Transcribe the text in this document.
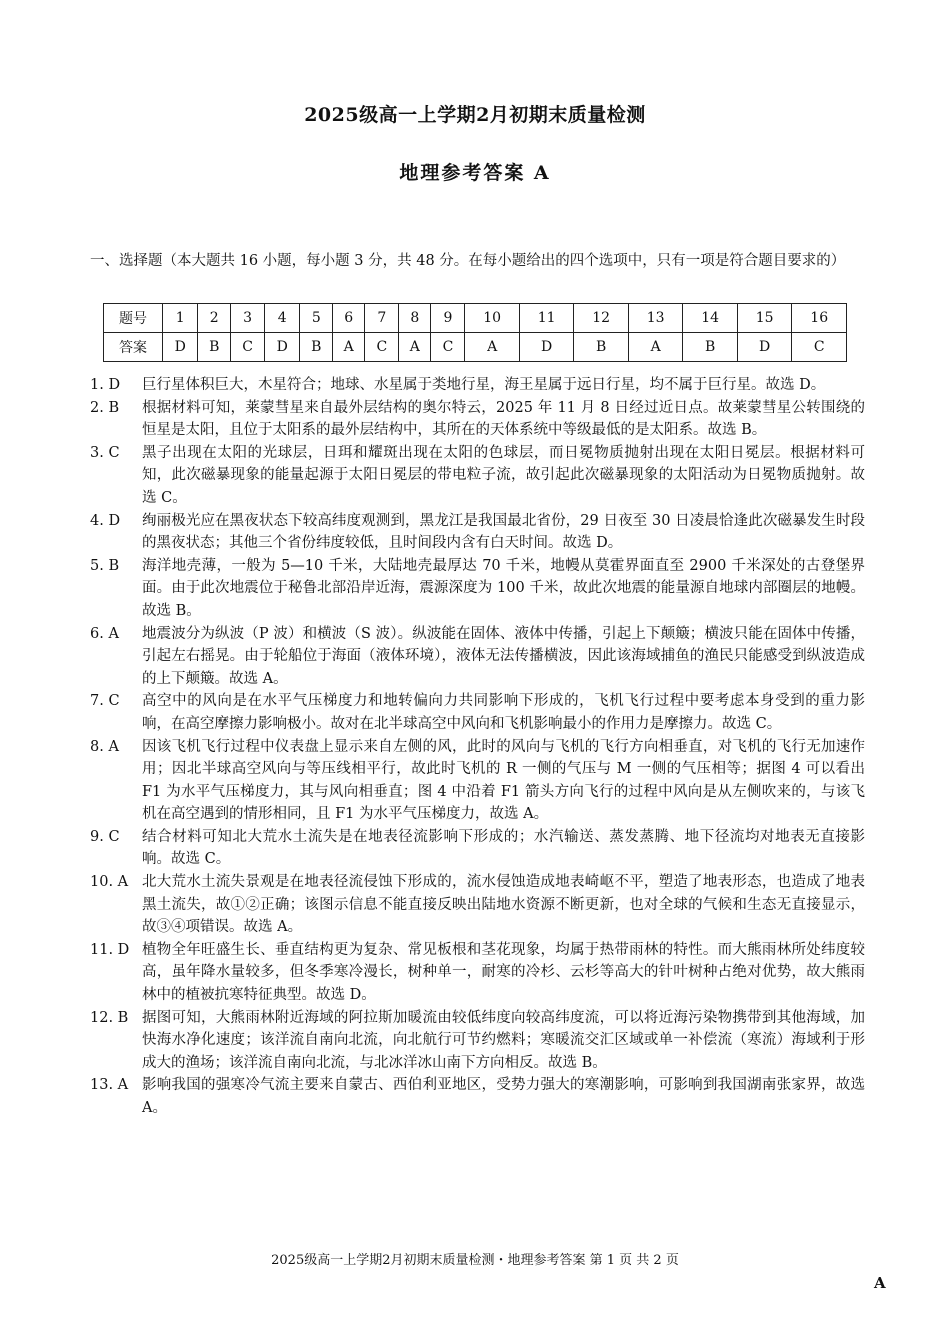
2025级高一上学期2月初期末质量检测
地理参考答案 A
一、选择题（本大题共 16 小题，每小题 3 分，共 48 分。在每小题给出的四个选项中，只有一项是符合题目要求的）
题号	1	2	3	4	5	6	7	8	9	10	11	12	13	14	15	16
答案	D	B	C	D	B	A	C	A	C	A	D	B	A	B	D	C
1. D	巨行星体积巨大，木星符合；地球、水星属于类地行星，海王星属于远日行星，均不属于巨行星。故选 D。
2. B	根据材料可知，莱蒙彗星来自最外层结构的奥尔特云，2025 年 11 月 8 日经过近日点。故莱蒙彗星公转围绕的恒星是太阳，且位于太阳系的最外层结构中，其所在的天体系统中等级最低的是太阳系。故选 B。
3. C	黑子出现在太阳的光球层，日珥和耀斑出现在太阳的色球层，而日冕物质抛射出现在太阳日冕层。根据材料可知，此次磁暴现象的能量起源于太阳日冕层的带电粒子流，故引起此次磁暴现象的太阳活动为日冕物质抛射。故选 C。
4. D	绚丽极光应在黑夜状态下较高纬度观测到，黑龙江是我国最北省份，29 日夜至 30 日凌晨恰逢此次磁暴发生时段的黑夜状态；其他三个省份纬度较低，且时间段内含有白天时间。故选 D。
5. B	海洋地壳薄，一般为 5—10 千米，大陆地壳最厚达 70 千米，地幔从莫霍界面直至 2900 千米深处的古登堡界面。由于此次地震位于秘鲁北部沿岸近海，震源深度为 100 千米，故此次地震的能量源自地球内部圈层的地幔。故选 B。
6. A	地震波分为纵波（P 波）和横波（S 波）。纵波能在固体、液体中传播，引起上下颠簸；横波只能在固体中传播，引起左右摇晃。由于轮船位于海面（液体环境），液体无法传播横波，因此该海域捕鱼的渔民只能感受到纵波造成的上下颠簸。故选 A。
7. C	高空中的风向是在水平气压梯度力和地转偏向力共同影响下形成的，飞机飞行过程中要考虑本身受到的重力影响，在高空摩擦力影响极小。故对在北半球高空中风向和飞机影响最小的作用力是摩擦力。故选 C。
8. A	因该飞机飞行过程中仪表盘上显示来自左侧的风，此时的风向与飞机的飞行方向相垂直，对飞机的飞行无加速作用；因北半球高空风向与等压线相平行，故此时飞机的 R 一侧的气压与 M 一侧的气压相等；据图 4 可以看出 F1 为水平气压梯度力，其与风向相垂直；图 4 中沿着 F1 箭头方向飞行的过程中风向是从左侧吹来的，与该飞机在高空遇到的情形相同，且 F1 为水平气压梯度力，故选 A。
9. C	结合材料可知北大荒水土流失是在地表径流影响下形成的；水汽输送、蒸发蒸腾、地下径流均对地表无直接影响。故选 C。
10. A 北大荒水土流失景观是在地表径流侵蚀下形成的，流水侵蚀造成地表崎岖不平，塑造了地表形态，也造成了地表黑土流失，故①②正确；该图示信息不能直接反映出陆地水资源不断更新，也对全球的气候和生态无直接显示，故③④项错误。故选 A。
11. D 植物全年旺盛生长、垂直结构更为复杂、常见板根和茎花现象，均属于热带雨林的特性。而大熊雨林所处纬度较高，虽年降水量较多，但冬季寒冷漫长，树种单一，耐寒的冷杉、云杉等高大的针叶树种占绝对优势，故大熊雨林中的植被抗寒特征典型。故选 D。
12. B 据图可知，大熊雨林附近海域的阿拉斯加暖流由较低纬度向较高纬度流，可以将近海污染物携带到其他海域，加快海水净化速度；该洋流自南向北流，向北航行可节约燃料；寒暖流交汇区域或单一补偿流（寒流）海域利于形成大的渔场；该洋流自南向北流，与北冰洋冰山南下方向相反。故选 B。
13. A 影响我国的强寒冷气流主要来自蒙古、西伯利亚地区，受势力强大的寒潮影响，可影响到我国湖南张家界，故选 A。
2025级高一上学期2月初期末质量检测・地理参考答案 第 1 页 共 2 页
A
